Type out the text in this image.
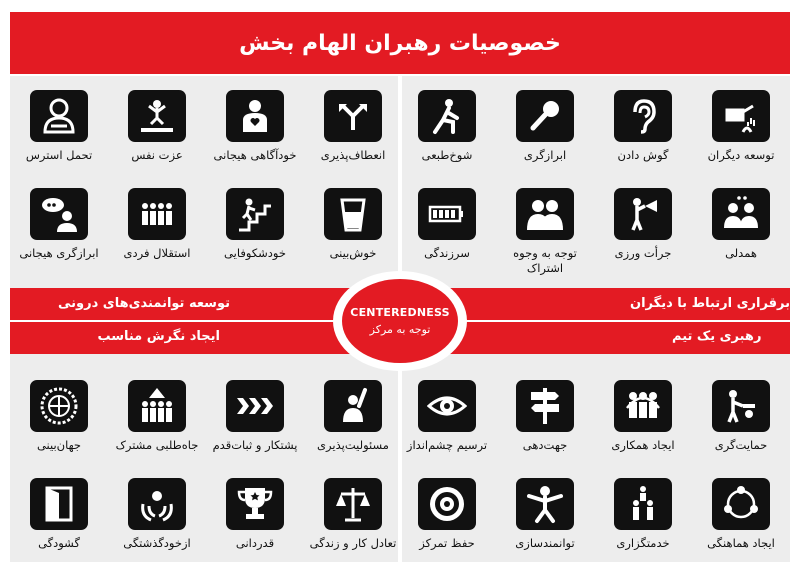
خصوصیات رهبران الهام بخش
توسعه توانمندی‌های درونی
ایجاد نگرش مناسب
برقراری ارتباط با دیگران
رهبری یک تیم
CENTEREDNESS
توجه به مرکز
انعطاف‌پذیری
خودآگاهی هیجانی
عزت نفس
تحمل استرس
خوش‌بینی
خودشکوفایی
استقلال فردی
ابرازگری هیجانی
توسعه دیگران
گوش دادن
ابرازگری
شوخ‌طبعی
همدلی
جرأت ورزی
توجه به وجوه
اشتراک
سرزندگی
مسئولیت‌پذیری
پشتکار و ثبات‌قدم
جاه‌طلبی مشترک
جهان‌بینی
تعادل کار و زندگی
قدردانی
ازخودگذشتگی
گشودگی
حمایت‌گری
ایجاد همکاری
جهت‌دهی
ترسیم چشم‌انداز
ایجاد هماهنگی
خدمتگزاری
توانمندسازی
حفظ تمرکز
